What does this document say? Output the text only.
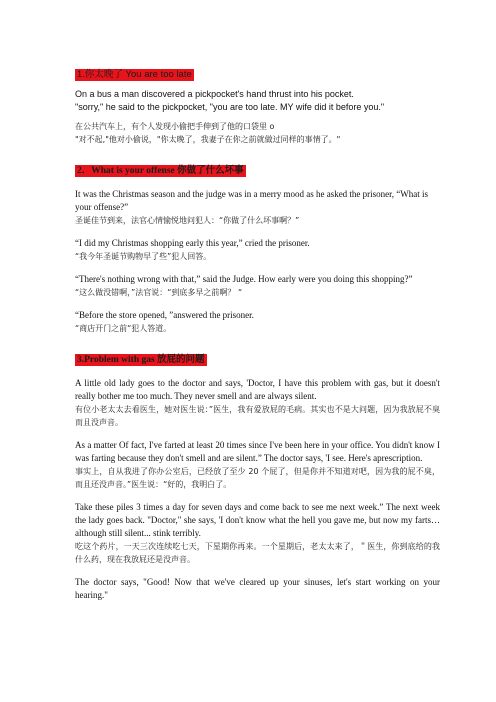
1.你太晚了 You are too late

On a bus a man discovered a pickpocket's hand thrust into his pocket.

"sorry," he said to the pickpocket, "you are too late. MY wife did it before you."

在公共汽车上，有个人发现小偷把手伸到了他的口袋里 o

"对不起,"他对小偷说，"你太晚了，我妻子在你之前就做过同样的事情了。"

2．What is your offense 你做了什么坏事

It was the Christmas season and the judge was in a merry mood as he asked the prisoner, “What is your offense?”

圣诞佳节到来，法官心情愉悦地问犯人：“你做了什么坏事啊？”

“I did my Christmas shopping early this year,” cried the prisoner.

“我今年圣诞节购物早了些”犯人回答。

“There's nothing wrong with that,” said the Judge. How early were you doing this shopping?”

“这么做没错啊，”法官说：“到底多早之前啊？ “

“Before the store opened, ”answered the prisoner.

“商店开门之前“犯人答道。

3.Problem with gas 放屁的问题

A little old lady goes to the doctor and says, 'Doctor, I have this problem with gas, but it doesn't really bother me too much. They never smell and are always silent.

有位小老太太去看医生，她对医生说：”医生，我有爱放屁的毛病。其实也不是大问题，因为我放屁不臭而且没声音。

As a matter Of fact, I've farted at least 20 times since I've been here in your office. You didn't know I was farting because they don't smell and are silent.” The doctor says, 'I see. Here's aprescription.

事实上，自从我进了你办公室后，已经放了至少 20 个屁了，但是你并不知道对吧，因为我的屁不臭，而且还没声音。”医生说：“好的，我明白了。

Take these piles 3 times a day for seven days and come back to see me next week.” The next week the lady goes back. "Doctor," she says, 'I don't know what the hell you gave me, but now my farts…although still silent... stink terribly.

吃这个药片，一天三次连续吃七天，下星期你再来。一个星期后，老太太来了，＂医生，你到底给的我什么药，现在我放屁还是没声音。

The doctor says, "Good! Now that we've cleared up your sinuses, let's start working on your hearing."
